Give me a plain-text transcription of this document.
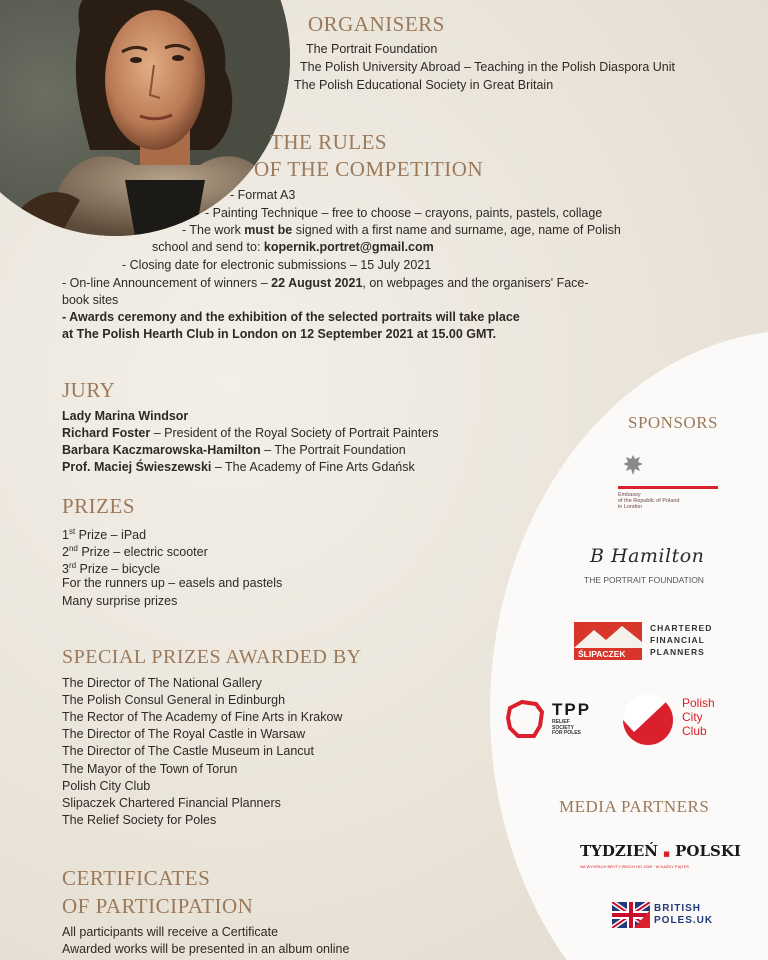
ORGANISERS

The Portrait Foundation

The Polish University Abroad – Teaching in the Polish Diaspora Unit

The Polish Educational Society in Great Britain

THE RULES
OF THE COMPETITION

- Format A3

- Painting Technique – free to choose – crayons, paints, pastels, collage

- The work must be signed with a first name and surname, age, name of Polish

school and send to: kopernik.portret@gmail.com

- Closing date for electronic submissions – 15 July 2021

- On-line Announcement of winners – 22 August 2021, on webpages and the organisers' Face-

book sites

- Awards ceremony and the exhibition of the selected portraits will take place

at The Polish Hearth Club in London on 12 September 2021 at 15.00 GMT.

JURY

Lady Marina Windsor

Richard Foster – President of the Royal Society of Portrait Painters

Barbara Kaczmarowska-Hamilton – The Portrait Foundation

Prof. Maciej Świeszewski – The Academy of Fine Arts Gdańsk

PRIZES

1st Prize – iPad

2nd Prize – electric scooter

3rd Prize – bicycle

For the runners up – easels and pastels

Many surprise prizes

SPECIAL PRIZES AWARDED BY

The Director of The National Gallery

The Polish Consul General in Edinburgh

The Rector of The Academy of Fine Arts in Krakow

The Director of The Royal Castle in Warsaw

The Director of The Castle Museum in Lancut

The Mayor of the Town of Torun

Polish City Club

Slipaczek Chartered Financial Planners

The Relief Society for Poles

CERTIFICATES
OF PARTICIPATION

All participants will receive a Certificate

Awarded works will be presented in an album online

SPONSORS
Embassy
of the Republic of Poland
in London
B Hamilton
THE PORTRAIT FOUNDATION
ŚLIPACZEK
CHARTERED
FINANCIAL
PLANNERS
TPP
RELIEF
SOCIETY
FOR POLES
Polish
City
Club
MEDIA PARTNERS
TYDZIEŃ ■ POLSKI
NA WYSPACH BRYTYJSKICH OD 1959 · W KAŻDY PIĄTEK
BRITISH
POLES.UK
